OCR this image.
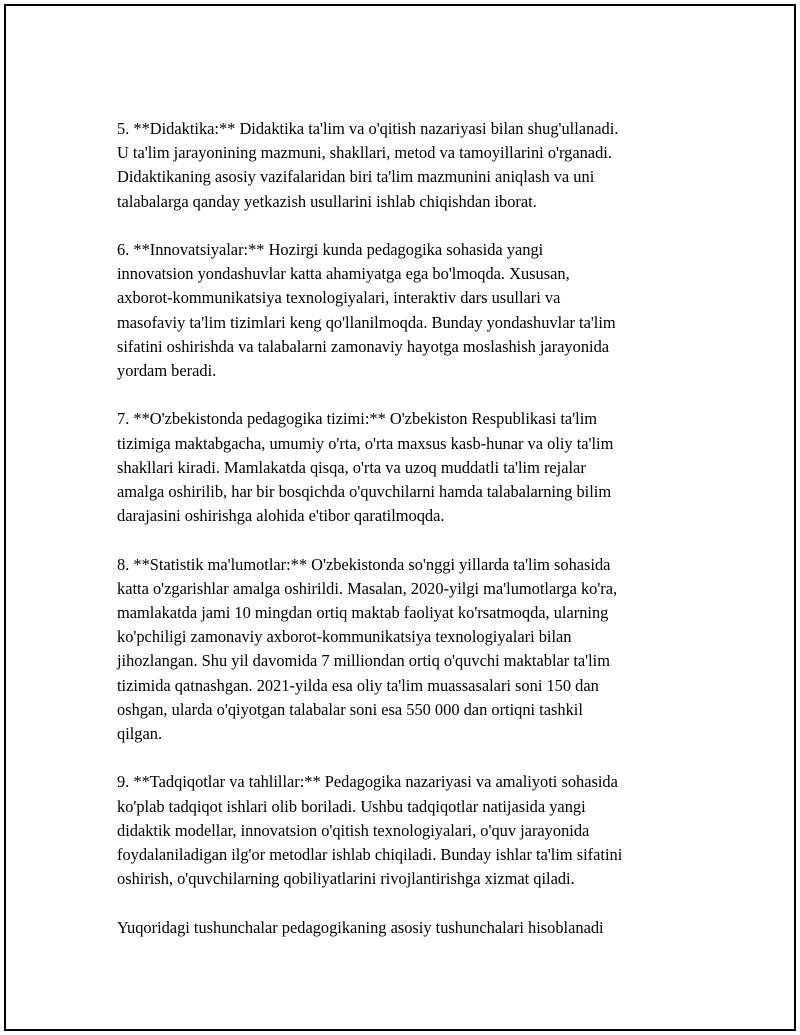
5. **Didaktika:** Didaktika ta'lim va o'qitish nazariyasi bilan shug'ullanadi.
U ta'lim jarayonining mazmuni, shakllari, metod va tamoyillarini o'rganadi.
Didaktikaning asosiy vazifalaridan biri ta'lim mazmunini aniqlash va uni
talabalarga qanday yetkazish usullarini ishlab chiqishdan iborat.

6. **Innovatsiyalar:** Hozirgi kunda pedagogika sohasida yangi
innovatsion yondashuvlar katta ahamiyatga ega bo'lmoqda. Xususan,
axborot-kommunikatsiya texnologiyalari, interaktiv dars usullari va
masofaviy ta'lim tizimlari keng qo'llanilmoqda. Bunday yondashuvlar ta'lim
sifatini oshirishda va talabalarni zamonaviy hayotga moslashish jarayonida
yordam beradi.

7. **O'zbekistonda pedagogika tizimi:** O'zbekiston Respublikasi ta'lim
tizimiga maktabgacha, umumiy o'rta, o'rta maxsus kasb-hunar va oliy ta'lim
shakllari kiradi. Mamlakatda qisqa, o'rta va uzoq muddatli ta'lim rejalar
amalga oshirilib, har bir bosqichda o'quvchilarni hamda talabalarning bilim
darajasini oshirishga alohida e'tibor qaratilmoqda.

8. **Statistik ma'lumotlar:** O'zbekistonda so'nggi yillarda ta'lim sohasida
katta o'zgarishlar amalga oshirildi. Masalan, 2020-yilgi ma'lumotlarga ko'ra,
mamlakatda jami 10 mingdan ortiq maktab faoliyat ko'rsatmoqda, ularning
ko'pchiligi zamonaviy axborot-kommunikatsiya texnologiyalari bilan
jihozlangan. Shu yil davomida 7 milliondan ortiq o'quvchi maktablar ta'lim
tizimida qatnashgan. 2021-yilda esa oliy ta'lim muassasalari soni 150 dan
oshgan, ularda o'qiyotgan talabalar soni esa 550 000 dan ortiqni tashkil
qilgan.

9. **Tadqiqotlar va tahlillar:** Pedagogika nazariyasi va amaliyoti sohasida
ko'plab tadqiqot ishlari olib boriladi. Ushbu tadqiqotlar natijasida yangi
didaktik modellar, innovatsion o'qitish texnologiyalari, o'quv jarayonida
foydalaniladigan ilg'or metodlar ishlab chiqiladi. Bunday ishlar ta'lim sifatini
oshirish, o'quvchilarning qobiliyatlarini rivojlantirishga xizmat qiladi.

Yuqoridagi tushunchalar pedagogikaning asosiy tushunchalari hisoblanadi
